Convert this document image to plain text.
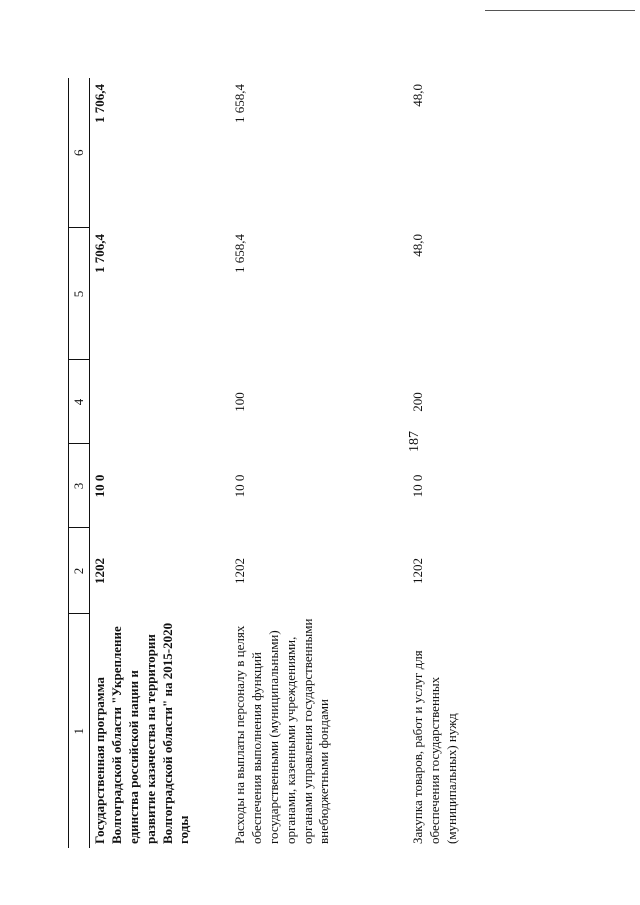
187
1	2	3	4	5	6
Государственная программа Волгоградской области "Укрепление единства российской нации и развитие казачества на территории Волгоградской области" на 2015-2020 годы	1202	10 0		1 706,4	1 706,4
Расходы на выплаты персоналу в целях обеспечения выполнения функций государственными (муниципальными) органами, казенными учреждениями, органами управления государственными внебюджетными фондами	1202	10 0	100	1 658,4	1 658,4
Закупка товаров, работ и услуг для обеспечения государственных (муниципальных) нужд	1202	10 0	200	48,0	48,0
